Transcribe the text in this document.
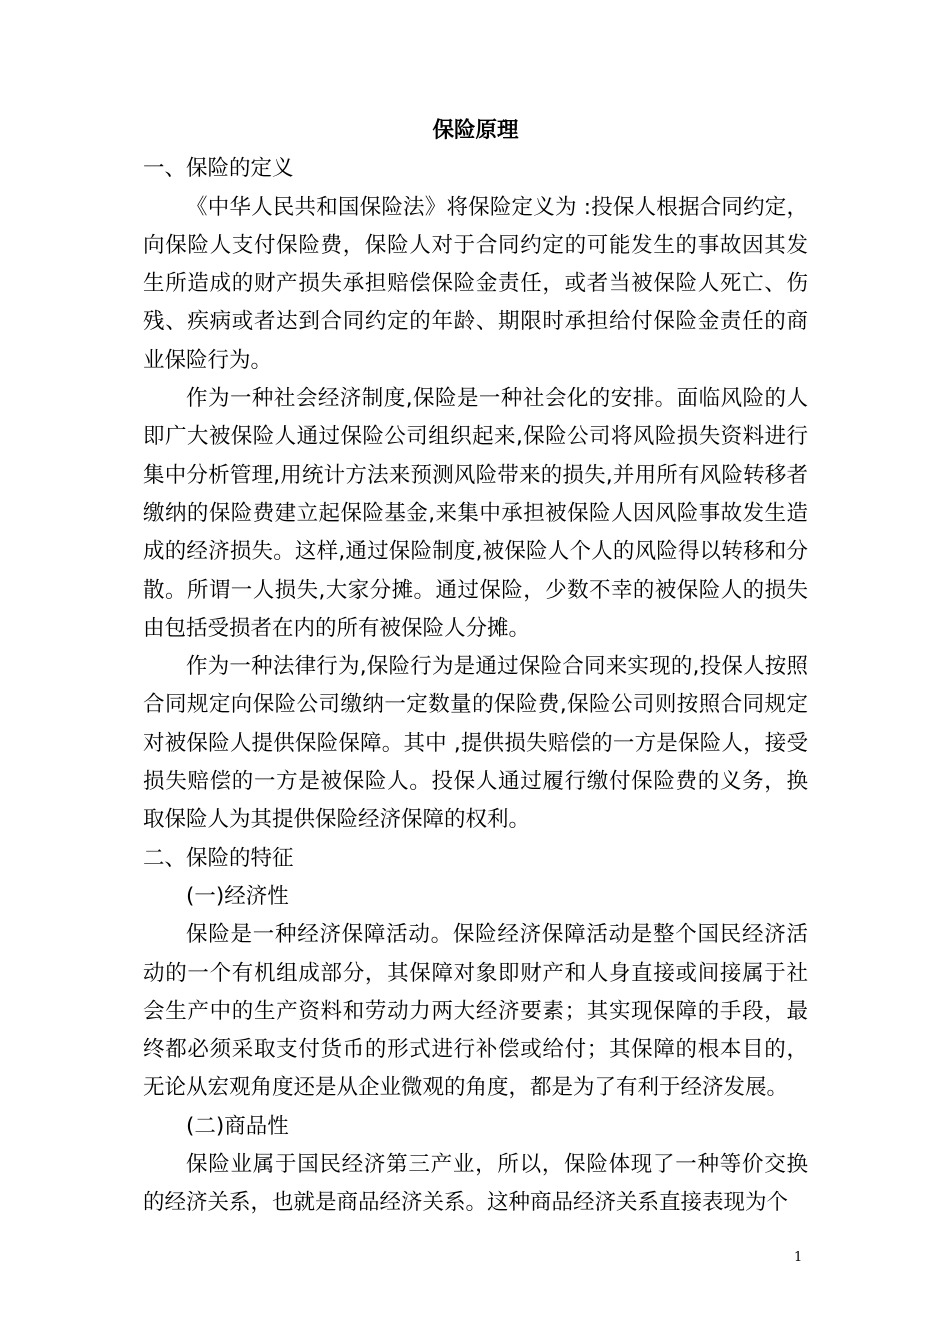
保险原理

一、保险的定义

《中华人民共和国保险法》将保险定义为 :投保人根据合同约定，向保险人支付保险费，保险人对于合同约定的可能发生的事故因其发生所造成的财产损失承担赔偿保险金责任，或者当被保险人死亡、伤残、疾病或者达到合同约定的年龄、期限时承担给付保险金责任的商业保险行为。

作为一种社会经济制度,保险是一种社会化的安排。面临风险的人即广大被保险人通过保险公司组织起来,保险公司将风险损失资料进行集中分析管理,用统计方法来预测风险带来的损失,并用所有风险转移者缴纳的保险费建立起保险基金,来集中承担被保险人因风险事故发生造成的经济损失。这样,通过保险制度,被保险人个人的风险得以转移和分散。所谓一人损失,大家分摊。通过保险，少数不幸的被保险人的损失由包括受损者在内的所有被保险人分摊。

作为一种法律行为,保险行为是通过保险合同来实现的,投保人按照合同规定向保险公司缴纳一定数量的保险费,保险公司则按照合同规定对被保险人提供保险保障。其中 ,提供损失赔偿的一方是保险人，接受损失赔偿的一方是被保险人。投保人通过履行缴付保险费的义务，换取保险人为其提供保险经济保障的权利。

二、保险的特征

(一)经济性

保险是一种经济保障活动。保险经济保障活动是整个国民经济活动的一个有机组成部分，其保障对象即财产和人身直接或间接属于社会生产中的生产资料和劳动力两大经济要素；其实现保障的手段，最终都必须采取支付货币的形式进行补偿或给付；其保障的根本目的，无论从宏观角度还是从企业微观的角度，都是为了有利于经济发展。

(二)商品性

保险业属于国民经济第三产业，所以，保险体现了一种等价交换的经济关系，也就是商品经济关系。这种商品经济关系直接表现为个

1
